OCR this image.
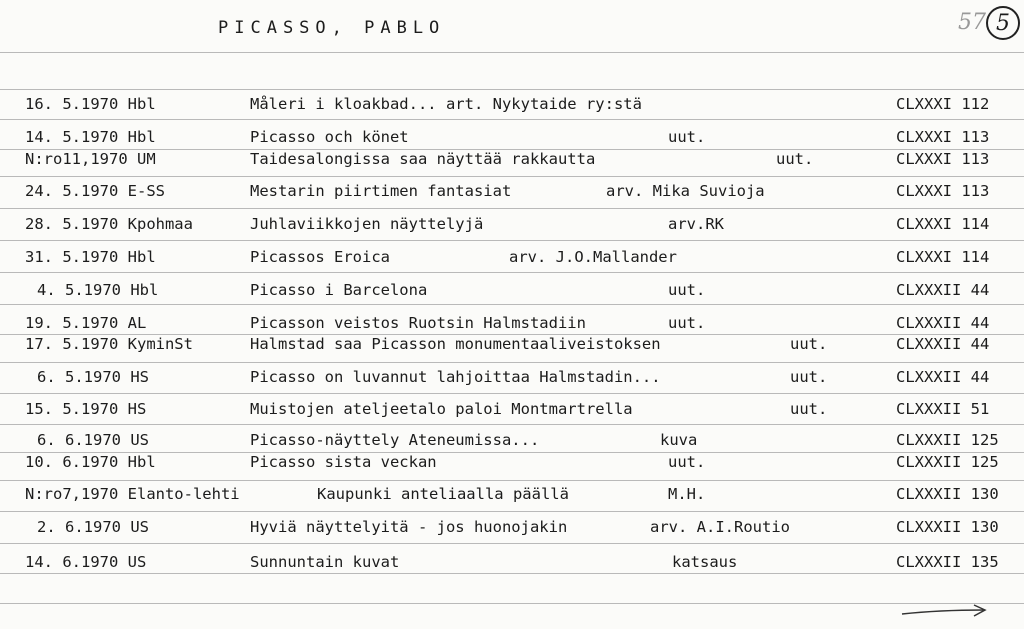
PICASSO, PABLO	57 5
16. 5.1970 Hbl	Måleri i kloakbad... art. Nykytaide ry:stä	CLXXXI 112
14. 5.1970 Hbl	Picasso och könet	uut.	CLXXXI 113
N:ro11,1970 UM	Taidesalongissa saa näyttää rakkautta	uut.	CLXXXI 113
24. 5.1970 E-SS	Mestarin piirtimen fantasiat	arv. Mika Suvioja	CLXXXI 113
28. 5.1970 Kpohmaa	Juhlaviikkojen näyttelyjä	arv.RK	CLXXXI 114
31. 5.1970 Hbl	Picassos Eroica	arv. J.O.Mallander	CLXXXI 114
4. 5.1970 Hbl	Picasso i Barcelona	uut.	CLXXXII 44
19. 5.1970 AL	Picasson veistos Ruotsin Halmstadiin	uut.	CLXXXII 44
17. 5.1970 KyminSt	Halmstad saa Picasson monumentaaliveistoksen	uut.	CLXXXII 44
6. 5.1970 HS	Picasso on luvannut lahjoittaa Halmstadin...	uut.	CLXXXII 44
15. 5.1970 HS	Muistojen ateljeetalo paloi Montmartrella	uut.	CLXXXII 51
6. 6.1970 US	Picasso-näyttely Ateneumissa...	kuva	CLXXXII 125
10. 6.1970 Hbl	Picasso sista veckan	uut.	CLXXXII 125
N:ro7,1970 Elanto-lehti	Kaupunki anteliaalla päällä	M.H.	CLXXXII 130
2. 6.1970 US	Hyviä näyttelyitä - jos huonojakin	arv. A.I.Routio	CLXXXII 130
14. 6.1970 US	Sunnuntain kuvat	katsaus	CLXXXII 135
